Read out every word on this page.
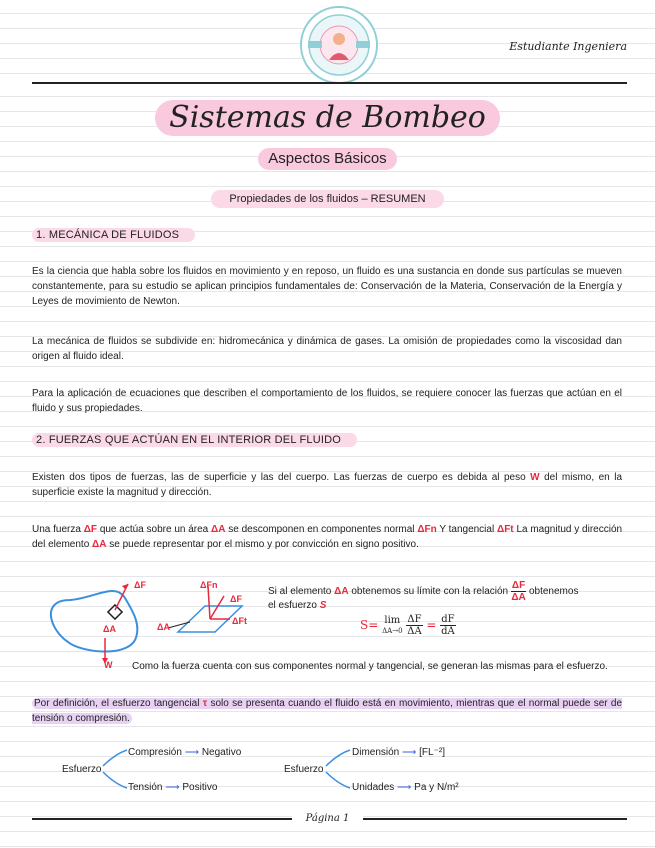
Estudiante Ingeniera
Sistemas de Bombeo
Aspectos Básicos
Propiedades de los fluidos – RESUMEN
1. MECÁNICA DE FLUIDOS
Es la ciencia que habla sobre los fluidos en movimiento y en reposo, un fluido es una sustancia en donde sus partículas se mueven constantemente, para su estudio se aplican principios fundamentales de: Conservación de la Materia, Conservación de la Energía y Leyes de movimiento de Newton.
La mecánica de fluidos se subdivide en: hidromecánica y dinámica de gases. La omisión de propiedades como la viscosidad dan origen al fluido ideal.
Para la aplicación de ecuaciones que describen el comportamiento de los fluidos, se requiere conocer las fuerzas que actúan en el fluido y sus propiedades.
2. FUERZAS QUE ACTÚAN EN EL INTERIOR DEL FLUIDO
Existen dos tipos de fuerzas, las de superficie y las del cuerpo. Las fuerzas de cuerpo es debida al peso W del mismo, en la superficie existe la magnitud y dirección.
Una fuerza ΔF que actúa sobre un área ΔA se descomponen en componentes normal ΔFn Y tangencial ΔFt La magnitud y dirección del elemento ΔA se puede representar por el mismo y por convicción en signo positivo.
ΔF
ΔA
W
ΔFn
ΔF
ΔA
ΔFt
Si al elemento ΔA obtenemos su límite con la relación $\frac{\Delta F}{\Delta A}$ obtenemos
el esfuerzo S
S= lim
ΔA→0
$\frac{\Delta F}{\Delta A} = \frac{dF}{dA}$
Como la fuerza cuenta con sus componentes normal y tangencial, se generan las mismas para el esfuerzo.
Por definición, el esfuerzo tangencial τ solo se presenta cuando el fluido está en movimiento, mientras que el normal puede ser de tensión o compresión.
Esfuerzo
Compresión ⟶ Negativo
Tensión ⟶ Positivo
Esfuerzo
Dimensión ⟶ [FL⁻²]
Unidades ⟶ Pa y N/m²
Página 1
